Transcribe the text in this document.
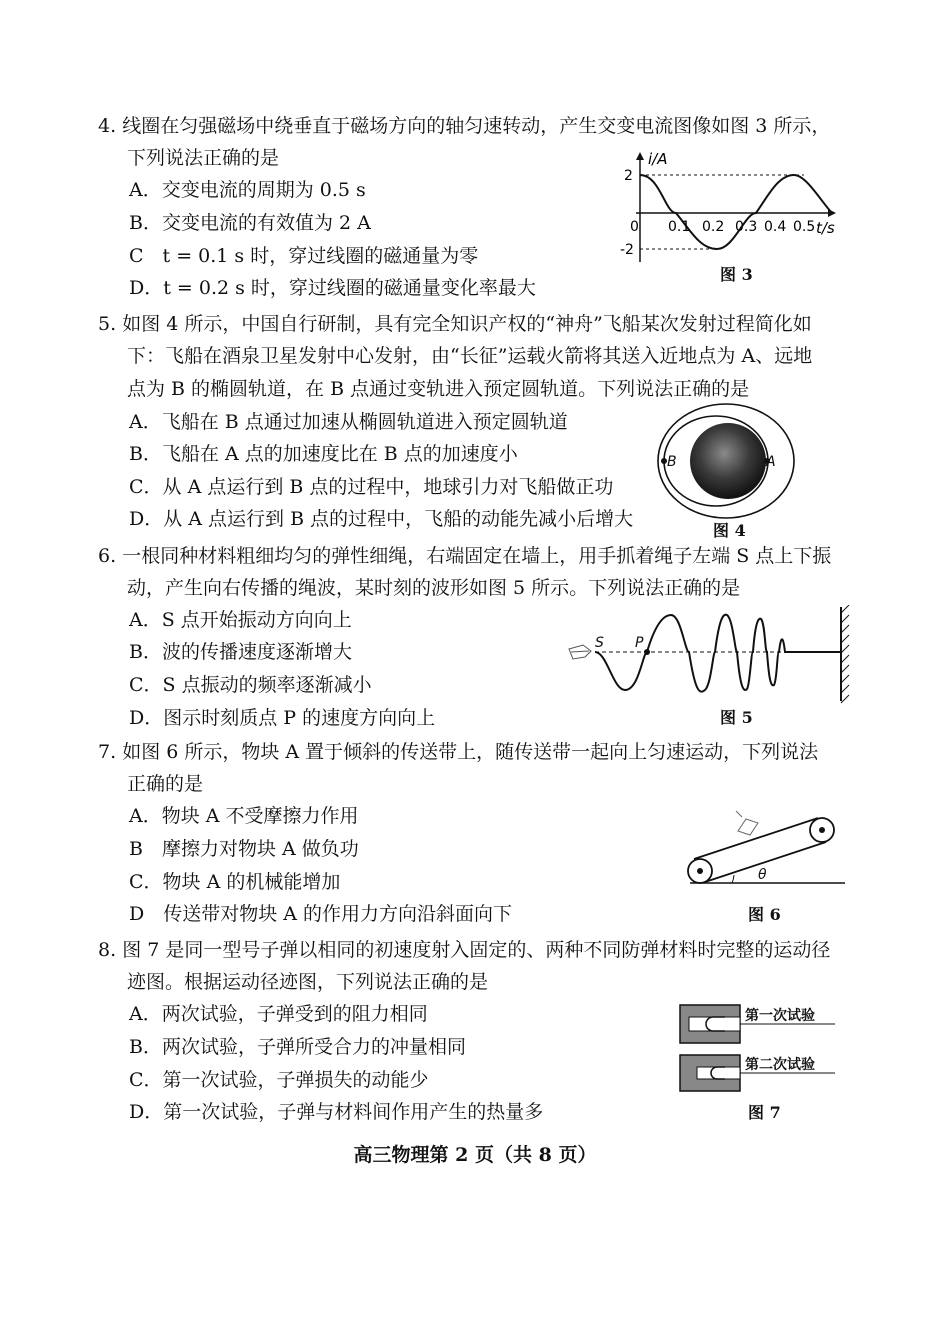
4. 线圈在匀强磁场中绕垂直于磁场方向的轴匀速转动，产生交变电流图像如图 3 所示，
下列说法正确的是
A．交变电流的周期为 0.5 s
B．交变电流的有效值为 2 A
C　t = 0.1 s 时，穿过线圈的磁通量为零
D．t = 0.2 s 时，穿过线圈的磁通量变化率最大
i/A
t/s
2
-2
0 0.1 0.2 0.3 0.4 0.5
图 3
5. 如图 4 所示，中国自行研制，具有完全知识产权的“神舟”飞船某次发射过程简化如
下：飞船在酒泉卫星发射中心发射，由“长征”运载火箭将其送入近地点为 A、远地
点为 B 的椭圆轨道，在 B 点通过变轨进入预定圆轨道。下列说法正确的是
A．飞船在 B 点通过加速从椭圆轨道进入预定圆轨道
B．飞船在 A 点的加速度比在 B 点的加速度小
C．从 A 点运行到 B 点的过程中，地球引力对飞船做正功
D．从 A 点运行到 B 点的过程中，飞船的动能先减小后增大
B	A
图 4
6. 一根同种材料粗细均匀的弹性细绳，右端固定在墙上，用手抓着绳子左端 S 点上下振
动，产生向右传播的绳波，某时刻的波形如图 5 所示。下列说法正确的是
A．S 点开始振动方向向上
B．波的传播速度逐渐增大
C．S 点振动的频率逐渐减小
D．图示时刻质点 P 的速度方向向上
S P
图 5
7. 如图 6 所示，物块 A 置于倾斜的传送带上，随传送带一起向上匀速运动，下列说法
正确的是
A．物块 A 不受摩擦力作用
B　摩擦力对物块 A 做负功
C．物块 A 的机械能增加
D　传送带对物块 A 的作用力方向沿斜面向下
θ
图 6
8. 图 7 是同一型号子弹以相同的初速度射入固定的、两种不同防弹材料时完整的运动径
迹图。根据运动径迹图，下列说法正确的是
A．两次试验，子弹受到的阻力相同
B．两次试验，子弹所受合力的冲量相同
C．第一次试验，子弹损失的动能少
D．第一次试验，子弹与材料间作用产生的热量多
第一次试验
第二次试验
图 7
高三物理第 2 页（共 8 页）
